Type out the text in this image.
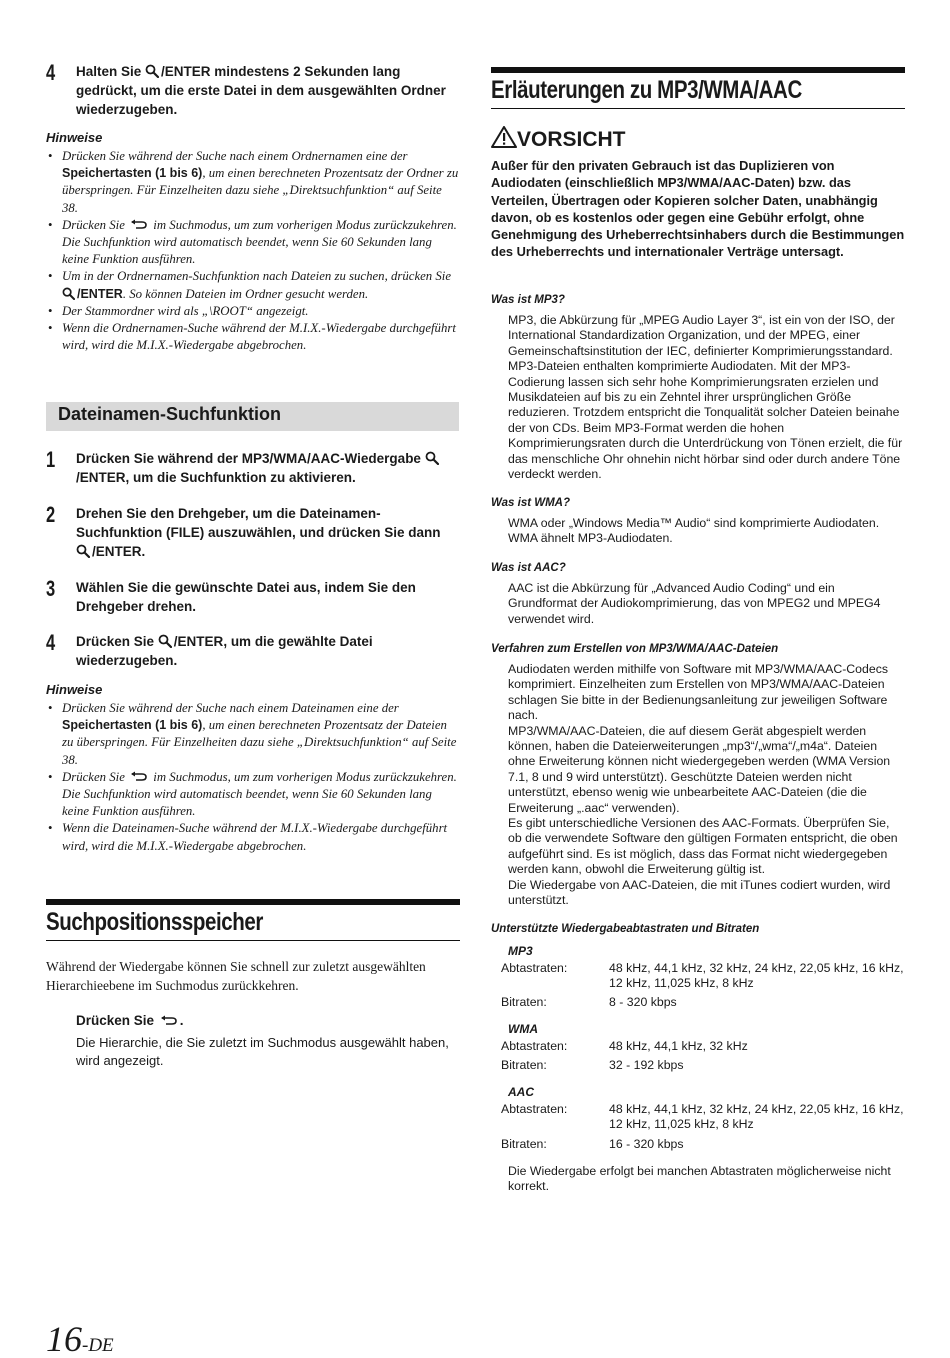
4 Halten Sie /ENTER mindestens 2 Sekunden lang gedrückt, um die erste Datei in dem ausgewählten Ordner wiederzugeben.
Hinweise
• Drücken Sie während der Suche nach einem Ordnernamen eine der Speichertasten (1 bis 6), um einen berechneten Prozentsatz der Ordner zu überspringen. Für Einzelheiten dazu siehe „Direktsuchfunktion“ auf Seite 38.
• Drücken Sie  im Suchmodus, um zum vorherigen Modus zurückzukehren.
Die Suchfunktion wird automatisch beendet, wenn Sie 60 Sekunden lang keine Funktion ausführen.
• Um in der Ordnernamen-Suchfunktion nach Dateien zu suchen, drücken Sie /ENTER. So können Dateien im Ordner gesucht werden.
• Der Stammordner wird als „\ROOT“ angezeigt.
• Wenn die Ordnernamen-Suche während der M.I.X.-Wiedergabe durchgeführt wird, wird die M.I.X.-Wiedergabe abgebrochen.
Dateinamen-Suchfunktion
1 Drücken Sie während der MP3/WMA/AAC-Wiedergabe /ENTER, um die Suchfunktion zu aktivieren.
2 Drehen Sie den Drehgeber, um die Dateinamen-Suchfunktion (FILE) auszuwählen, und drücken Sie dann /ENTER.
3 Wählen Sie die gewünschte Datei aus, indem Sie den Drehgeber drehen.
4 Drücken Sie /ENTER, um die gewählte Datei wiederzugeben.
Hinweise
• Drücken Sie während der Suche nach einem Dateinamen eine der Speichertasten (1 bis 6), um einen berechneten Prozentsatz der Dateien zu überspringen. Für Einzelheiten dazu siehe „Direktsuchfunktion“ auf Seite 38.
• Drücken Sie  im Suchmodus, um zum vorherigen Modus zurückzukehren.
Die Suchfunktion wird automatisch beendet, wenn Sie 60 Sekunden lang keine Funktion ausführen.
• Wenn die Dateinamen-Suche während der M.I.X.-Wiedergabe durchgeführt wird, wird die M.I.X.-Wiedergabe abgebrochen.
Suchpositionsspeicher
Während der Wiedergabe können Sie schnell zur zuletzt ausgewählten Hierarchieebene im Suchmodus zurückkehren.
Drücken Sie .
Die Hierarchie, die Sie zuletzt im Suchmodus ausgewählt haben, wird angezeigt.
Erläuterungen zu MP3/WMA/AAC
VORSICHT
Außer für den privaten Gebrauch ist das Duplizieren von Audiodaten (einschließlich MP3/WMA/AAC-Daten) bzw. das Verteilen, Übertragen oder Kopieren solcher Daten, unabhängig davon, ob es kostenlos oder gegen eine Gebühr erfolgt, ohne Genehmigung des Urheberrechtsinhabers durch die Bestimmungen des Urheberrechts und internationaler Verträge untersagt.
Was ist MP3?
MP3, die Abkürzung für „MPEG Audio Layer 3“, ist ein von der ISO, der International Standardization Organization, und der MPEG, einer Gemeinschaftsinstitution der IEC, definierter Komprimierungsstandard. MP3-Dateien enthalten komprimierte Audiodaten. Mit der MP3-Codierung lassen sich sehr hohe Komprimierungsraten erzielen und Musikdateien auf bis zu ein Zehntel ihrer ursprünglichen Größe reduzieren. Trotzdem entspricht die Tonqualität solcher Dateien beinahe der von CDs. Beim MP3-Format werden die hohen Komprimierungsraten durch die Unterdrückung von Tönen erzielt, die für das menschliche Ohr ohnehin nicht hörbar sind oder durch andere Töne verdeckt werden.
Was ist WMA?
WMA oder „Windows Media™ Audio“ sind komprimierte Audiodaten. WMA ähnelt MP3-Audiodaten.
Was ist AAC?
AAC ist die Abkürzung für „Advanced Audio Coding“ und ein Grundformat der Audiokomprimierung, das von MPEG2 und MPEG4 verwendet wird.
Verfahren zum Erstellen von MP3/WMA/AAC-Dateien
Audiodaten werden mithilfe von Software mit MP3/WMA/AAC-Codecs komprimiert. Einzelheiten zum Erstellen von MP3/WMA/AAC-Dateien schlagen Sie bitte in der Bedienungsanleitung zur jeweiligen Software nach.
MP3/WMA/AAC-Dateien, die auf diesem Gerät abgespielt werden können, haben die Dateierweiterungen „mp3“/„wma“/„m4a“. Dateien ohne Erweiterung können nicht wiedergegeben werden (WMA Version 7.1, 8 und 9 wird unterstützt). Geschützte Dateien werden nicht unterstützt, ebenso wenig wie unbearbeitete AAC-Dateien (die die Erweiterung „.aac“ verwenden).
Es gibt unterschiedliche Versionen des AAC-Formats. Überprüfen Sie, ob die verwendete Software den gültigen Formaten entspricht, die oben aufgeführt sind. Es ist möglich, dass das Format nicht wiedergegeben werden kann, obwohl die Erweiterung gültig ist.
Die Wiedergabe von AAC-Dateien, die mit iTunes codiert wurden, wird unterstützt.
Unterstützte Wiedergabeabtastraten und Bitraten
MP3
Abtastraten:	48 kHz, 44,1 kHz, 32 kHz, 24 kHz, 22,05 kHz, 16 kHz, 12 kHz, 11,025 kHz, 8 kHz
Bitraten:	8 - 320 kbps
WMA
Abtastraten:	48 kHz, 44,1 kHz, 32 kHz
Bitraten:	32 - 192 kbps
AAC
Abtastraten:	48 kHz, 44,1 kHz, 32 kHz, 24 kHz, 22,05 kHz, 16 kHz, 12 kHz, 11,025 kHz, 8 kHz
Bitraten:	16 - 320 kbps
Die Wiedergabe erfolgt bei manchen Abtastraten möglicherweise nicht korrekt.
16-DE
